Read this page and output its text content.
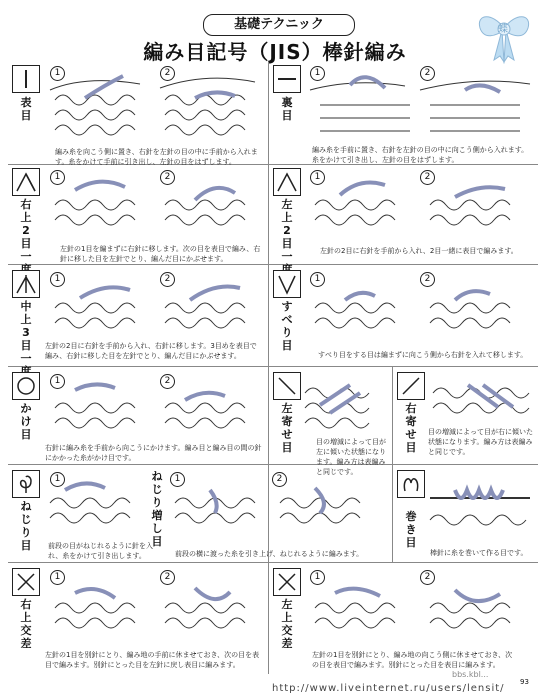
基礎テクニック
編み目記号（JIS）棒針編み
蝶
表目
1	2
編み糸を向こう側に置き、右針を左針の目の中に手前から入れます。糸をかけて手前に引き出し、左針の目をはずします。
裏目
1	2
編み糸を手前に置き、右針を左針の目の中に向こう側から入れます。糸をかけて引き出し、左針の目をはずします。
右上2目一
1	2
左針の1目を編まずに右針に移します。次の目を表目で編み、右針に移した目を左針でとり、編んだ目にかぶせます。
左上2目一
1	2
左針の2目に右針を手前から入れ、2目一緒に表目で編みます。
中上3目一
1	2
左針の2目に右針を手前から入れ、右針に移します。3目めを表目で編み、右針に移した目を左針でとり、編んだ目にかぶせます。
すべり目
1	2
すべり目をする目は編まずに向こう側から右針を入れて移します。
かけ目
1	2
右針に編み糸を手前から向こうにかけます。編み目と編み目の間の針にかかった糸がかけ目です。
左寄せ目	目の増減によって目が左に傾いた状態になります。編み方は表編みと同じです。
右寄せ目
目の増減によって目が右に傾いた状態になります。編み方は表編みと同じです。
ねじり目
1
前段の目がねじれるように針を入れ、糸をかけて引き出します。
ねじり増し目
1	2
前段の横に渡った糸を引き上げ、ねじれるように編みます。
巻き目
棒針に糸を巻いて作る目です。
右上交差
1	2
左針の1目を別針にとり、編み地の手前に休ませておき、次の目を表目で編みます。別針にとった目を左針に戻し表目に編みます。
左上交差
1	2
左針の1目を別針にとり、編み地の向こう側に休ませておき、次の目を表目で編みます。別針にとった目を表目に編みます。
93
bbs.kbl...
http://www.liveinternet.ru/users/lensit/
